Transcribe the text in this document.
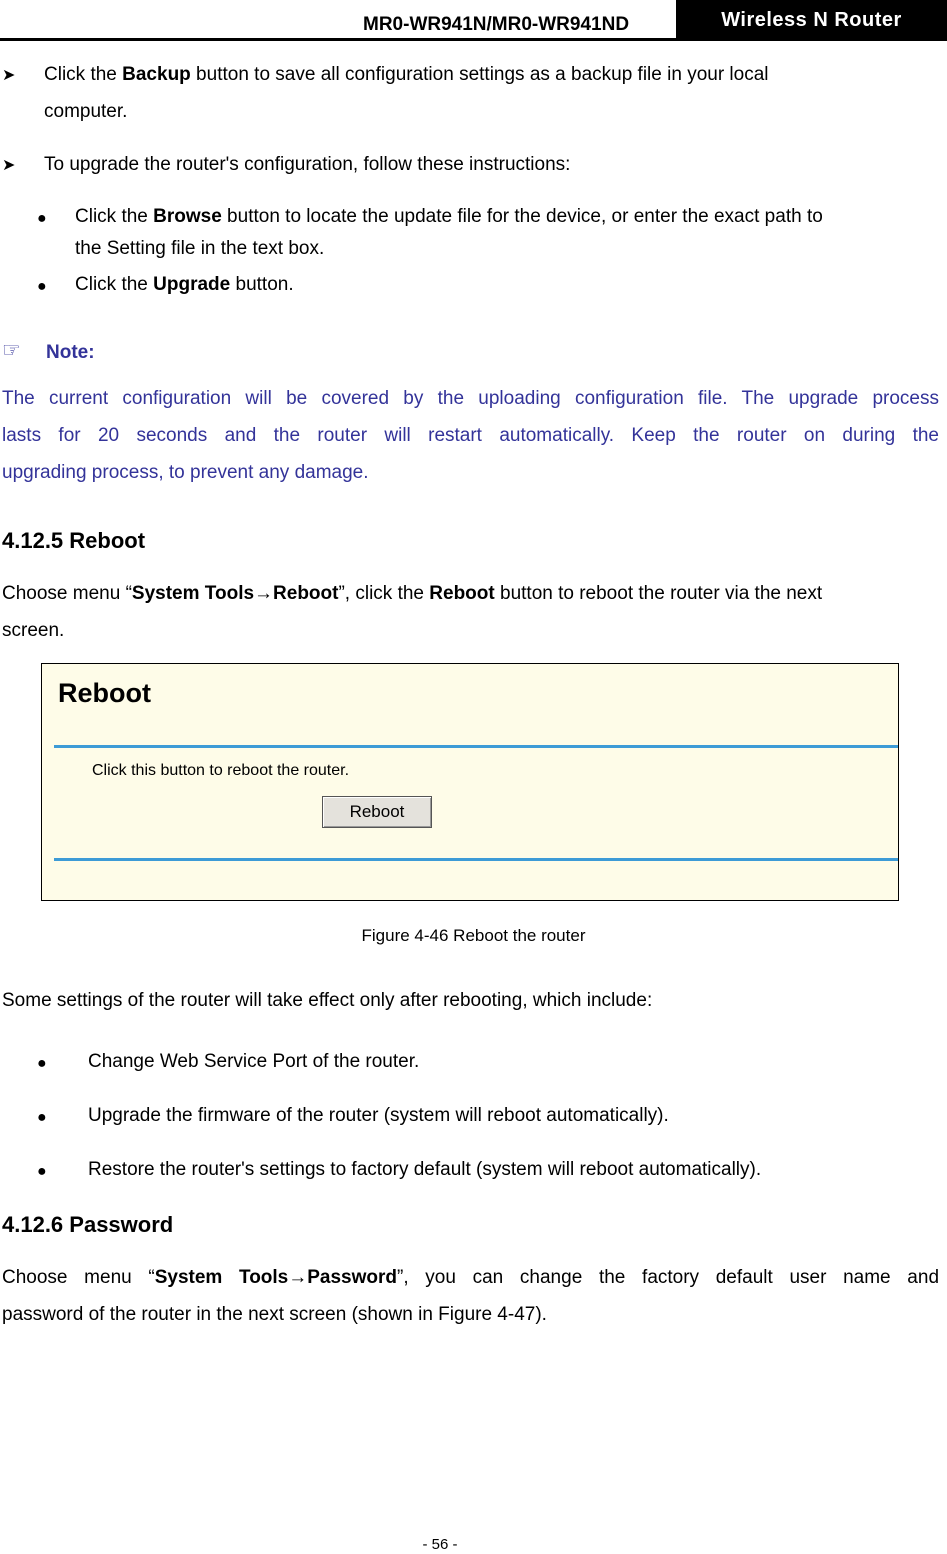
MR0-WR941N/MR0-WR941ND	Wireless N Router
➤ Click the Backup button to save all configuration settings as a backup file in your local
computer.
➤ To upgrade the router's configuration, follow these instructions:
● Click the Browse button to locate the update file for the device, or enter the exact path to
the Setting file in the text box.
● Click the Upgrade button.
☞ Note:
The current configuration will be covered by the uploading configuration file. The upgrade process
lasts for 20 seconds and the router will restart automatically. Keep the router on during the
upgrading process, to prevent any damage.
4.12.5 Reboot
Choose menu “System Tools→Reboot”, click the Reboot button to reboot the router via the next
screen.
Reboot
Click this button to reboot the router.
Reboot
Figure 4-46 Reboot the router
Some settings of the router will take effect only after rebooting, which include:
● Change Web Service Port of the router.
● Upgrade the firmware of the router (system will reboot automatically).
● Restore the router's settings to factory default (system will reboot automatically).
4.12.6 Password
Choose menu “System Tools→Password”, you can change the factory default user name and
password of the router in the next screen (shown in Figure 4-47).
- 56 -
